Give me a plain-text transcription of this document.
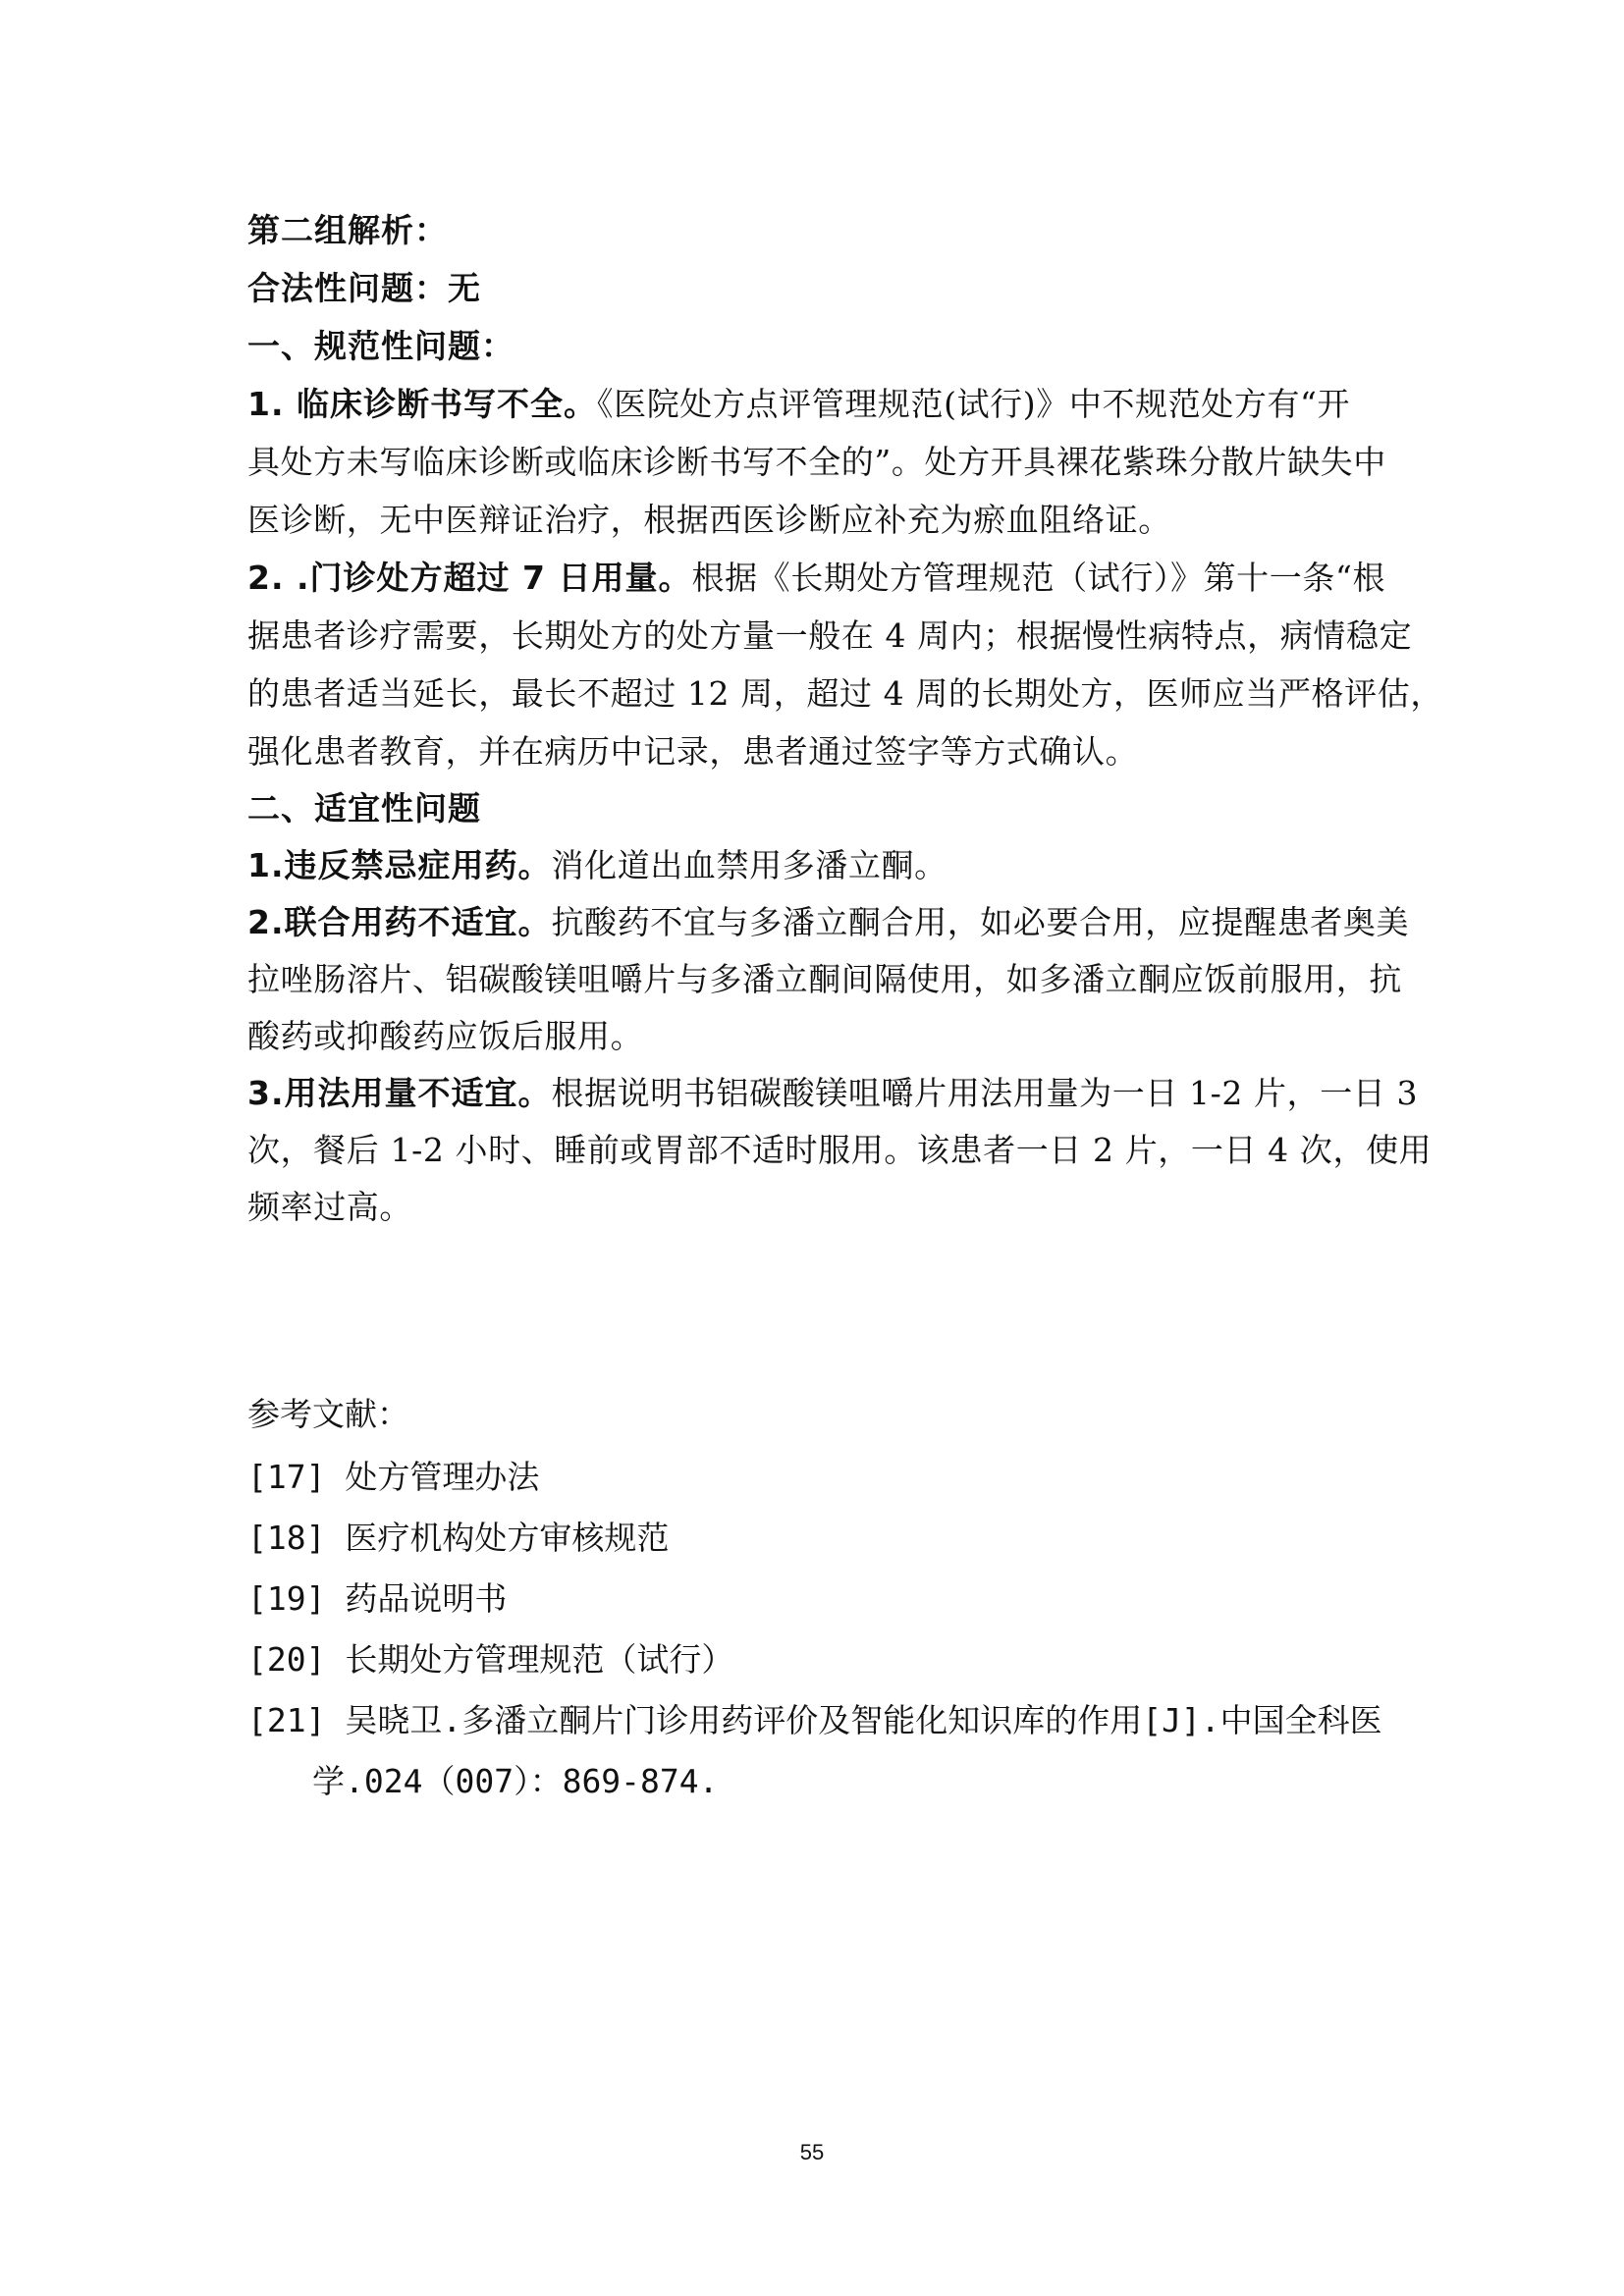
第二组解析：
合法性问题：无
一、规范性问题：
1. 临床诊断书写不全。《医院处方点评管理规范(试行)》中不规范处方有“开
具处方未写临床诊断或临床诊断书写不全的”。处方开具裸花紫珠分散片缺失中
医诊断，无中医辩证治疗，根据西医诊断应补充为瘀血阻络证。
2. .门诊处方超过 7 日用量。根据《长期处方管理规范（试行）》第十一条“根
据患者诊疗需要，长期处方的处方量一般在 4 周内；根据慢性病特点，病情稳定
的患者适当延长，最长不超过 12 周，超过 4 周的长期处方，医师应当严格评估，
强化患者教育，并在病历中记录，患者通过签字等方式确认。
二、适宜性问题
1.违反禁忌症用药。消化道出血禁用多潘立酮。
2.联合用药不适宜。抗酸药不宜与多潘立酮合用，如必要合用，应提醒患者奥美
拉唑肠溶片、铝碳酸镁咀嚼片与多潘立酮间隔使用，如多潘立酮应饭前服用，抗
酸药或抑酸药应饭后服用。
3.用法用量不适宜。根据说明书铝碳酸镁咀嚼片用法用量为一日 1-2 片，一日 3
次，餐后 1-2 小时、睡前或胃部不适时服用。该患者一日 2 片，一日 4 次，使用
频率过高。
参考文献：
[17] 处方管理办法
[18] 医疗机构处方审核规范
[19] 药品说明书
[20] 长期处方管理规范（试行）
[21] 吴晓卫.多潘立酮片门诊用药评价及智能化知识库的作用[J].中国全科医
学.024（007）：869-874.
55
